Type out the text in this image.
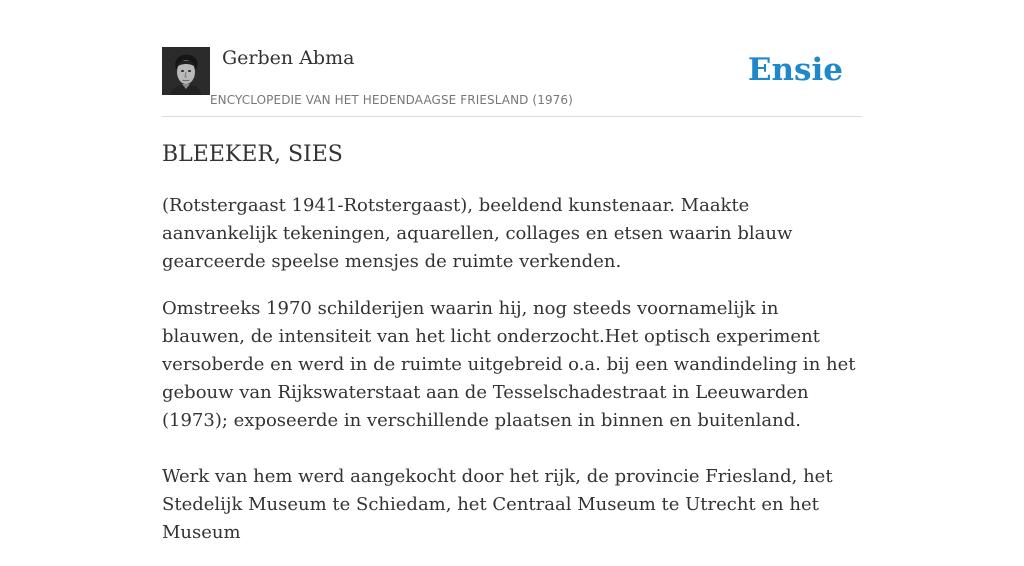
Gerben Abma
ENCYCLOPEDIE VAN HET HEDENDAAGSE FRIESLAND (1976)
Ensie
BLEEKER, SIES

(Rotstergaast 1941-Rotstergaast), beeldend kunstenaar. Maakte aanvankelijk tekeningen, aquarellen, collages en etsen waarin blauw gearceerde speelse mensjes de ruimte verkenden.

Omstreeks 1970 schilderijen waarin hij, nog steeds voornamelijk in blauwen, de intensiteit van het licht onderzocht.Het optisch experiment versoberde en werd in de ruimte uitgebreid o.a. bij een wandindeling in het gebouw van Rijkswaterstaat aan de Tesselschadestraat in Leeuwarden (1973); exposeerde in verschillende plaatsen in binnen en buitenland.

Werk van hem werd aangekocht door het rijk, de provincie Friesland, het Stedelijk Museum te Schiedam, het Centraal Museum te Utrecht en het Museum
